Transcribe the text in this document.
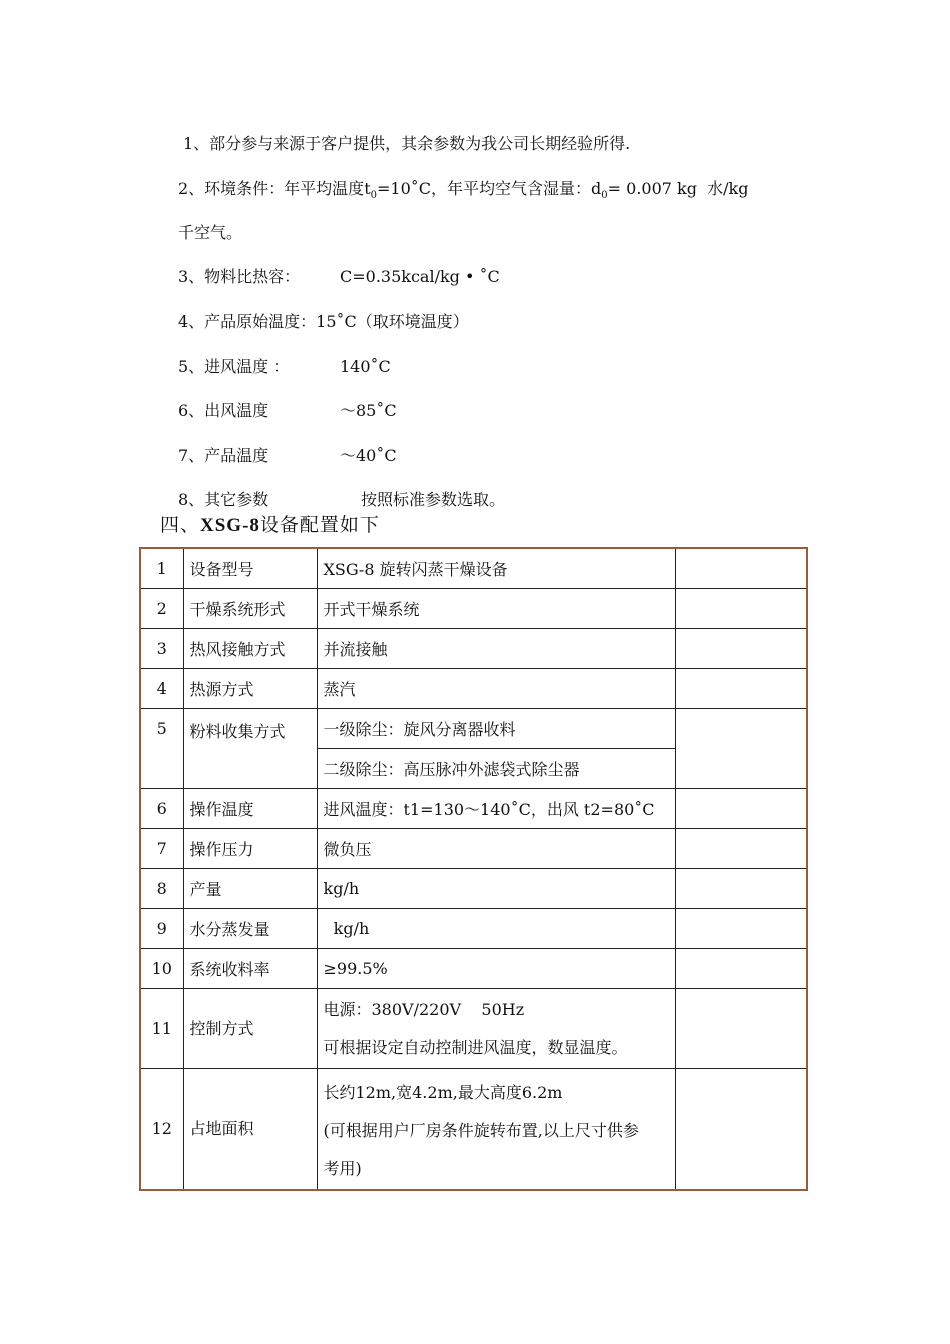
1、部分参与来源于客户提供，其余参数为我公司长期经验所得.
2、环境条件：年平均温度$t_0=10˚C$，年平均空气含湿量：$d_0= 0.007$ kg  水/kg
千空气。
3、物料比热容： C=0.35kcal/kg • ˚C
4、产品原始温度：15˚C（取环境温度）
5、进风温度 ：	140˚C
6、出风温度	～85˚C
7、产品温度	～40˚C
8、其它参数	按照标准参数选取。
四、XSG-8设备配置如下
1	设备型号	XSG-8 旋转闪蒸干燥设备	
2	干燥系统形式	开式干燥系统	
3	热风接触方式	并流接触	
4	热源方式	蒸汽	
5	粉料收集方式	一级除尘：旋风分离器收料	
		二级除尘：高压脉冲外滤袋式除尘器	
6	操作温度	进风温度：t1=130～140˚C，出风 t2=80˚C	
7	操作压力	微负压	
8	产量	kg/h	
9	水分蒸发量	kg/h	
10	系统收料率	≥99.5%	
11	控制方式	电源：380V/220V    50Hz
可根据设定自动控制进风温度，数显温度。	

12	占地面积	长约12m,宽4.2m,最大高度6.2m
(可根据用户厂房条件旋转布置,以上尺寸供参
考用)	
